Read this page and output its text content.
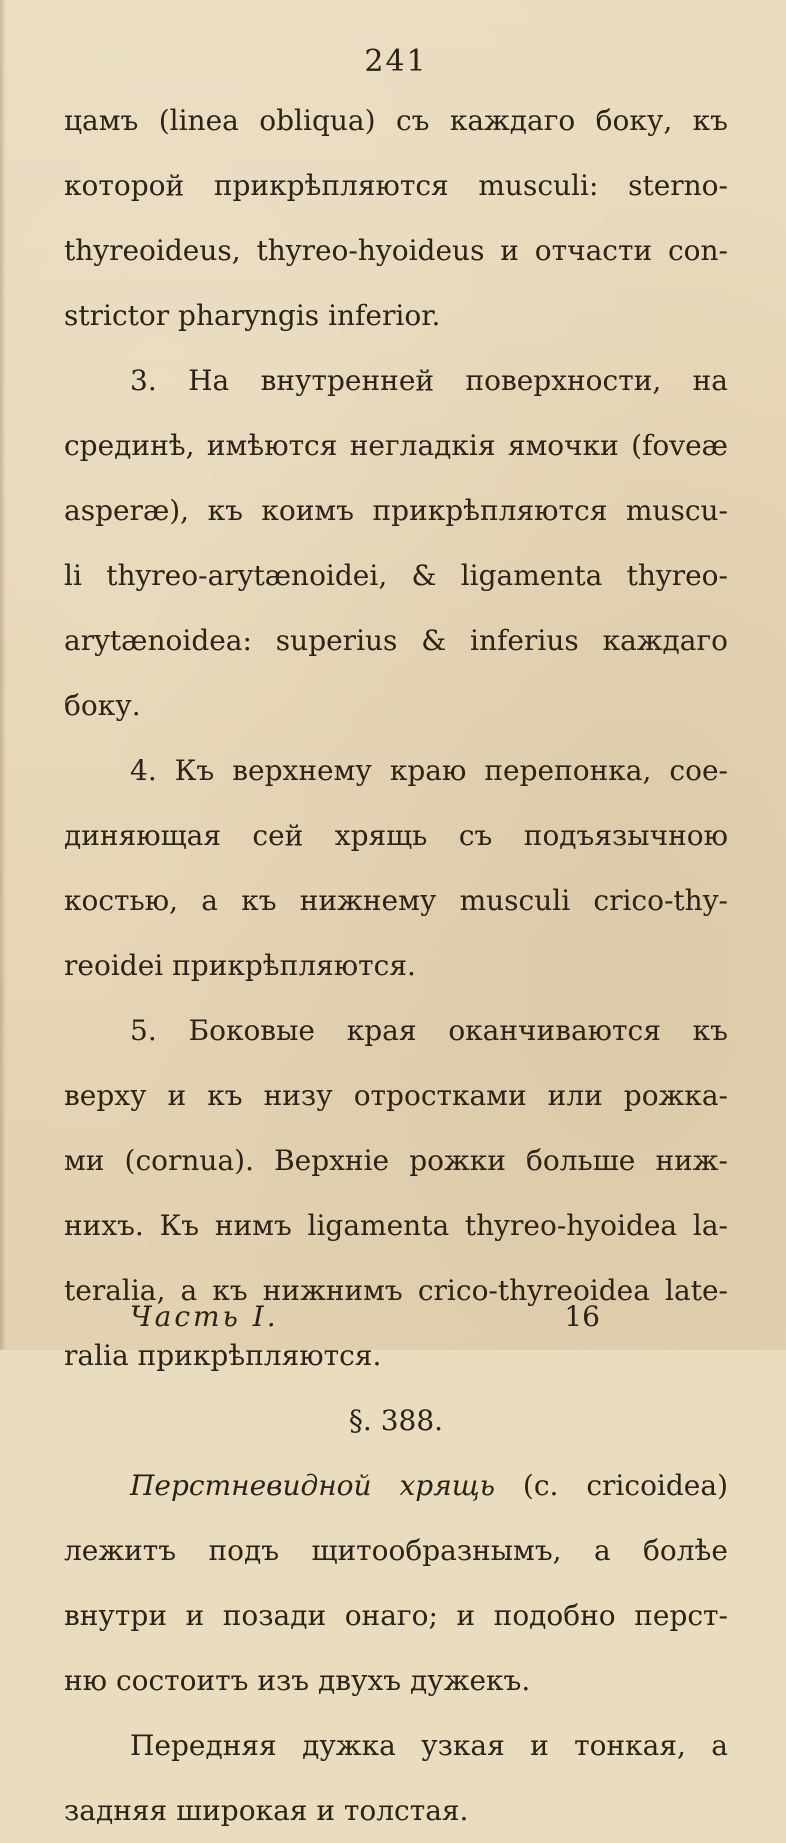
241
цамъ (linea obliqua) съ каждаго боку, къ
которой прикрѣпляются musculi: sterno-
thyreoideus, thyreo-hyoideus и отчасти con-
strictor pharyngis inferior.
3. На внутренней поверхности, на
срединѣ, имѣются негладкія ямочки (foveæ
asperæ), къ коимъ прикрѣпляются muscu-
li thyreo-arytænoidei, & ligamenta thyreo-
arytænoidea: superius & inferius каждаго
боку.
4. Къ верхнему краю перепонка, сое-
диняющая сей хрящь съ подъязычною
костью, а къ нижнему musculi crico-thy-
reoidei прикрѣпляются.
5. Боковые края оканчиваются къ
верху и къ низу отростками или рожка-
ми (cornua). Верхніе рожки больше ниж-
нихъ. Къ нимъ ligamenta thyreo-hyoidea la-
teralia, а къ нижнимъ crico-thyreoidea late-
ralia прикрѣпляются.
§. 388.
Перстневидной хрящь (c. cricoidea)
лежитъ подъ щитообразнымъ, а болѣе
внутри и позади онаго; и подобно перст-
ню состоитъ изъ двухъ дужекъ.
Передняя дужка узкая и тонкая, а
задняя широкая и толстая.
Часть I.	16
